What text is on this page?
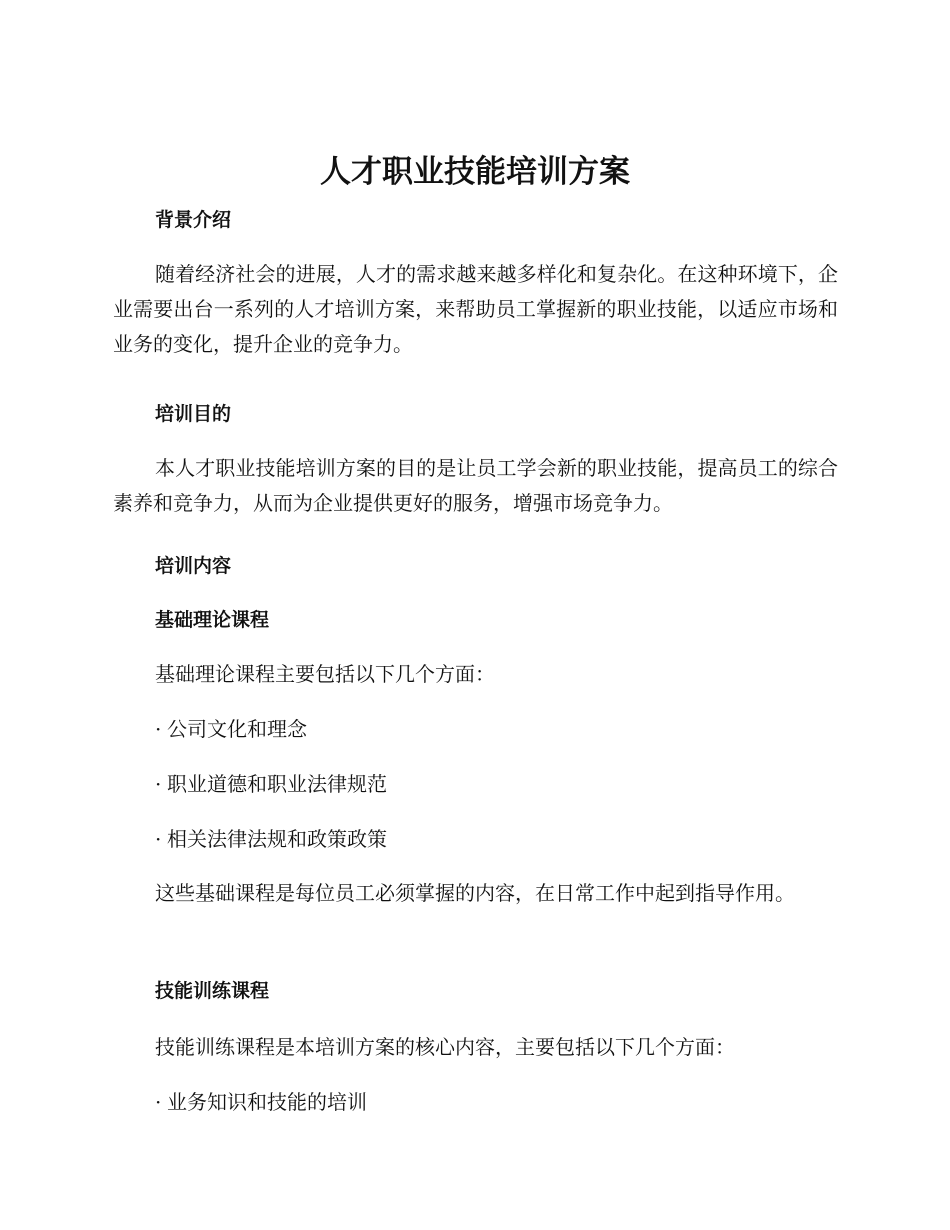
人才职业技能培训方案
背景介绍

随着经济社会的进展，人才的需求越来越多样化和复杂化。在这种环境下，企业需要出台一系列的人才培训方案，来帮助员工掌握新的职业技能，以适应市场和业务的变化，提升企业的竞争力。

培训目的

本人才职业技能培训方案的目的是让员工学会新的职业技能，提高员工的综合素养和竞争力，从而为企业提供更好的服务，增强市场竞争力。

培训内容
基础理论课程

基础理论课程主要包括以下几个方面：

· 公司文化和理念
· 职业道德和职业法律规范
· 相关法律法规和政策政策

这些基础课程是每位员工必须掌握的内容，在日常工作中起到指导作用。

技能训练课程

技能训练课程是本培训方案的核心内容，主要包括以下几个方面：

· 业务知识和技能的培训
